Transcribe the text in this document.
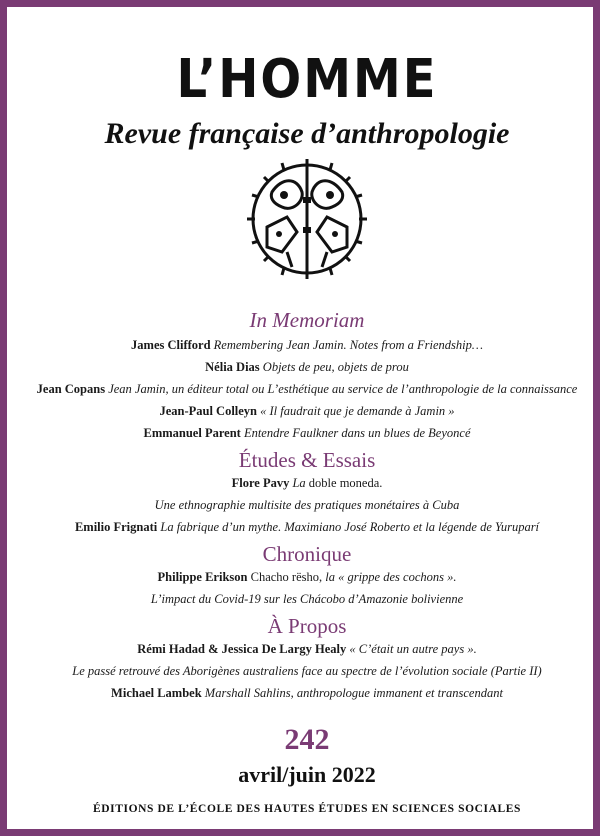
L’HOMME
Revue française d’anthropologie
In Memoriam
James Clifford Remembering Jean Jamin. Notes from a Friendship…
Nélia Dias Objets de peu, objets de prou
Jean Copans Jean Jamin, un éditeur total ou L’esthétique au service de l’anthropologie de la connaissance
Jean-Paul Colleyn « Il faudrait que je demande à Jamin »
Emmanuel Parent Entendre Faulkner dans un blues de Beyoncé
Études & Essais
Flore Pavy La doble moneda.
Une ethnographie multisite des pratiques monétaires à Cuba
Emilio Frignati La fabrique d’un mythe. Maximiano José Roberto et la légende de Yuruparí
Chronique
Philippe Erikson Chacho rësho, la « grippe des cochons ».
L’impact du Covid-19 sur les Chácobo d’Amazonie bolivienne
À Propos
Rémi Hadad & Jessica De Largy Healy « C’était un autre pays ».
Le passé retrouvé des Aborigènes australiens face au spectre de l’évolution sociale (Partie II)
Michael Lambek Marshall Sahlins, anthropologue immanent et transcendant
242
avril/juin 2022
ÉDITIONS DE L’ÉCOLE DES HAUTES ÉTUDES EN SCIENCES SOCIALES
